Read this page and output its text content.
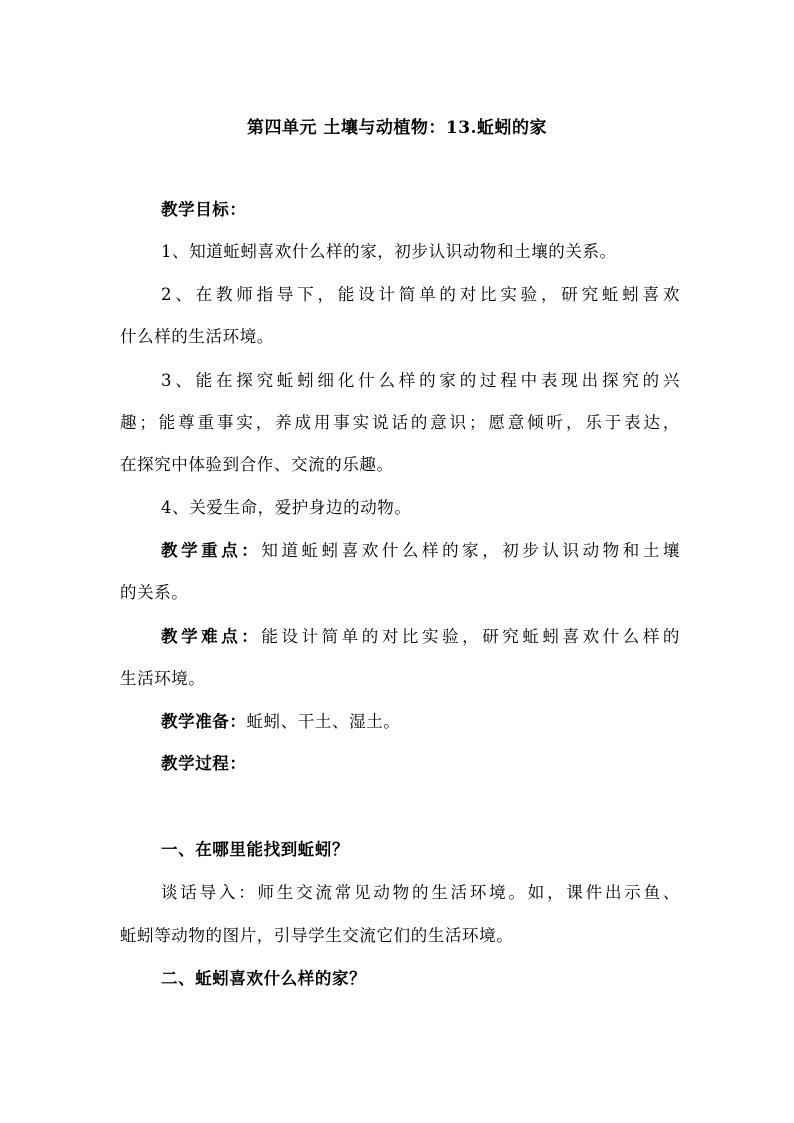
第四单元 土壤与动植物：13.蚯蚓的家
教学目标：
1、知道蚯蚓喜欢什么样的家，初步认识动物和土壤的关系。
2、在教师指导下，能设计简单的对比实验，研究蚯蚓喜欢
什么样的生活环境。
3、能在探究蚯蚓细化什么样的家的过程中表现出探究的兴
趣；能尊重事实，养成用事实说话的意识；愿意倾听，乐于表达，
在探究中体验到合作、交流的乐趣。
4、关爱生命，爱护身边的动物。
教学重点：知道蚯蚓喜欢什么样的家，初步认识动物和土壤
的关系。
教学难点：能设计简单的对比实验，研究蚯蚓喜欢什么样的
生活环境。
教学准备：蚯蚓、干土、湿土。
教学过程：
一、在哪里能找到蚯蚓？
谈话导入：师生交流常见动物的生活环境。如，课件出示鱼、
蚯蚓等动物的图片，引导学生交流它们的生活环境。
二、蚯蚓喜欢什么样的家？
